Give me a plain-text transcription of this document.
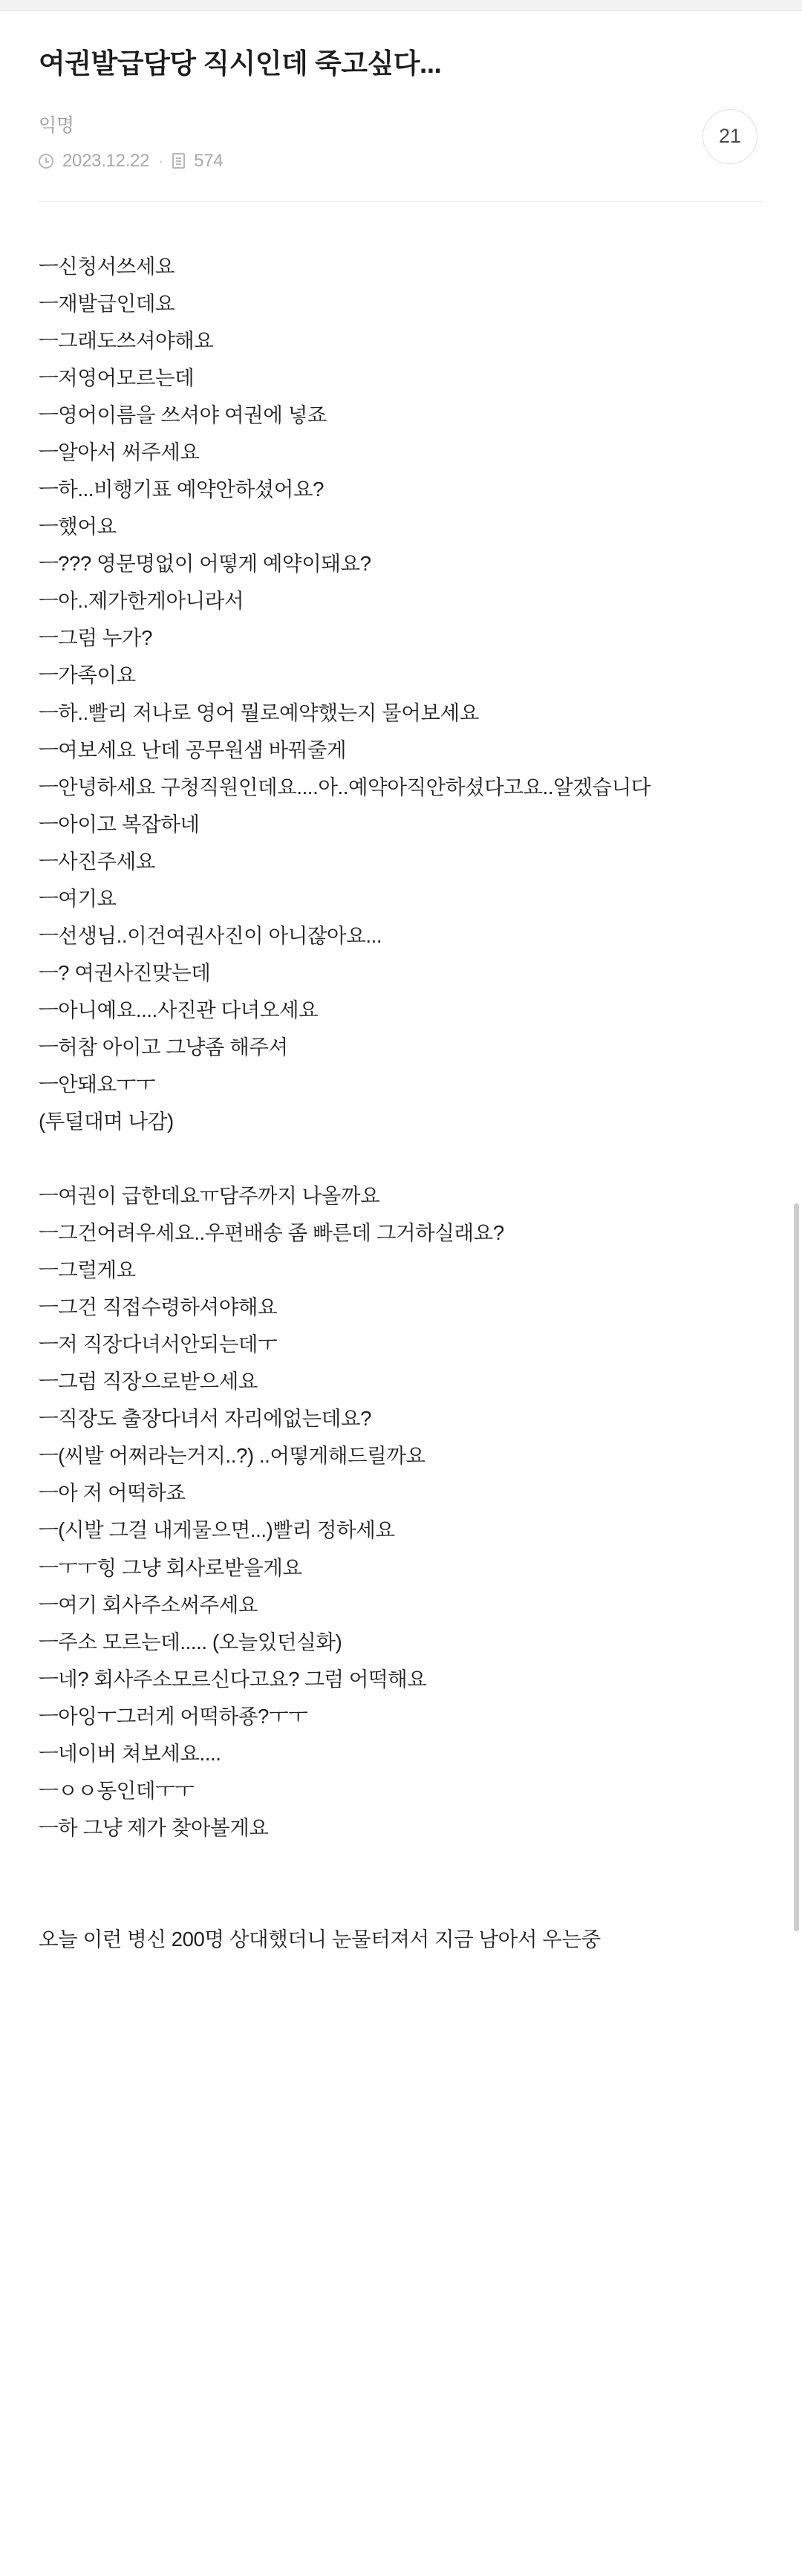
여권발급담당 직시인데 죽고싶다...
익명
2023.12.22 · 574
21
ㅡ신청서쓰세요
ㅡ재발급인데요
ㅡ그래도쓰셔야해요
ㅡ저영어모르는데
ㅡ영어이름을 쓰셔야 여권에 넣죠
ㅡ알아서 써주세요
ㅡ하...비행기표 예약안하셨어요?
ㅡ했어요
ㅡ??? 영문명없이 어떻게 예약이돼요?
ㅡ아..제가한게아니라서
ㅡ그럼 누가?
ㅡ가족이요
ㅡ하..빨리 저나로 영어 뭘로예약했는지 물어보세요
ㅡ여보세요 난데 공무원샘 바꿔줄게
ㅡ안녕하세요 구청직원인데요....아..예약아직안하셨다고요..알겠습니다
ㅡ아이고 복잡하네
ㅡ사진주세요
ㅡ여기요
ㅡ선생님..이건여권사진이 아니잖아요...
ㅡ? 여권사진맞는데
ㅡ아니예요....사진관 다녀오세요
ㅡ허참 아이고 그냥좀 해주셔
ㅡ안돼요ㅜㅜ
(투덜대며 나감)
ㅡ여권이 급한데요ㅠ담주까지 나올까요
ㅡ그건어려우세요..우편배송 좀 빠른데 그거하실래요?
ㅡ그럴게요
ㅡ그건 직접수령하셔야해요
ㅡ저 직장다녀서안되는데ㅜ
ㅡ그럼 직장으로받으세요
ㅡ직장도 출장다녀서 자리에없는데요?
ㅡ(씨발 어쩌라는거지..?) ..어떻게해드릴까요
ㅡ아 저 어떡하죠
ㅡ(시발 그걸 내게물으면...)빨리 정하세요
ㅡㅜㅜ힝 그냥 회사로받을게요
ㅡ여기 회사주소써주세요
ㅡ주소 모르는데..... (오늘있던실화)
ㅡ네? 회사주소모르신다고요? 그럼 어떡해요
ㅡ아잉ㅜ그러게 어떡하죵?ㅜㅜ
ㅡ네이버 쳐보세요....
ㅡㅇㅇ동인데ㅜㅜ
ㅡ하 그냥 제가 찾아볼게요
오늘 이런 병신 200명 상대했더니 눈물터져서 지금 남아서 우는중
